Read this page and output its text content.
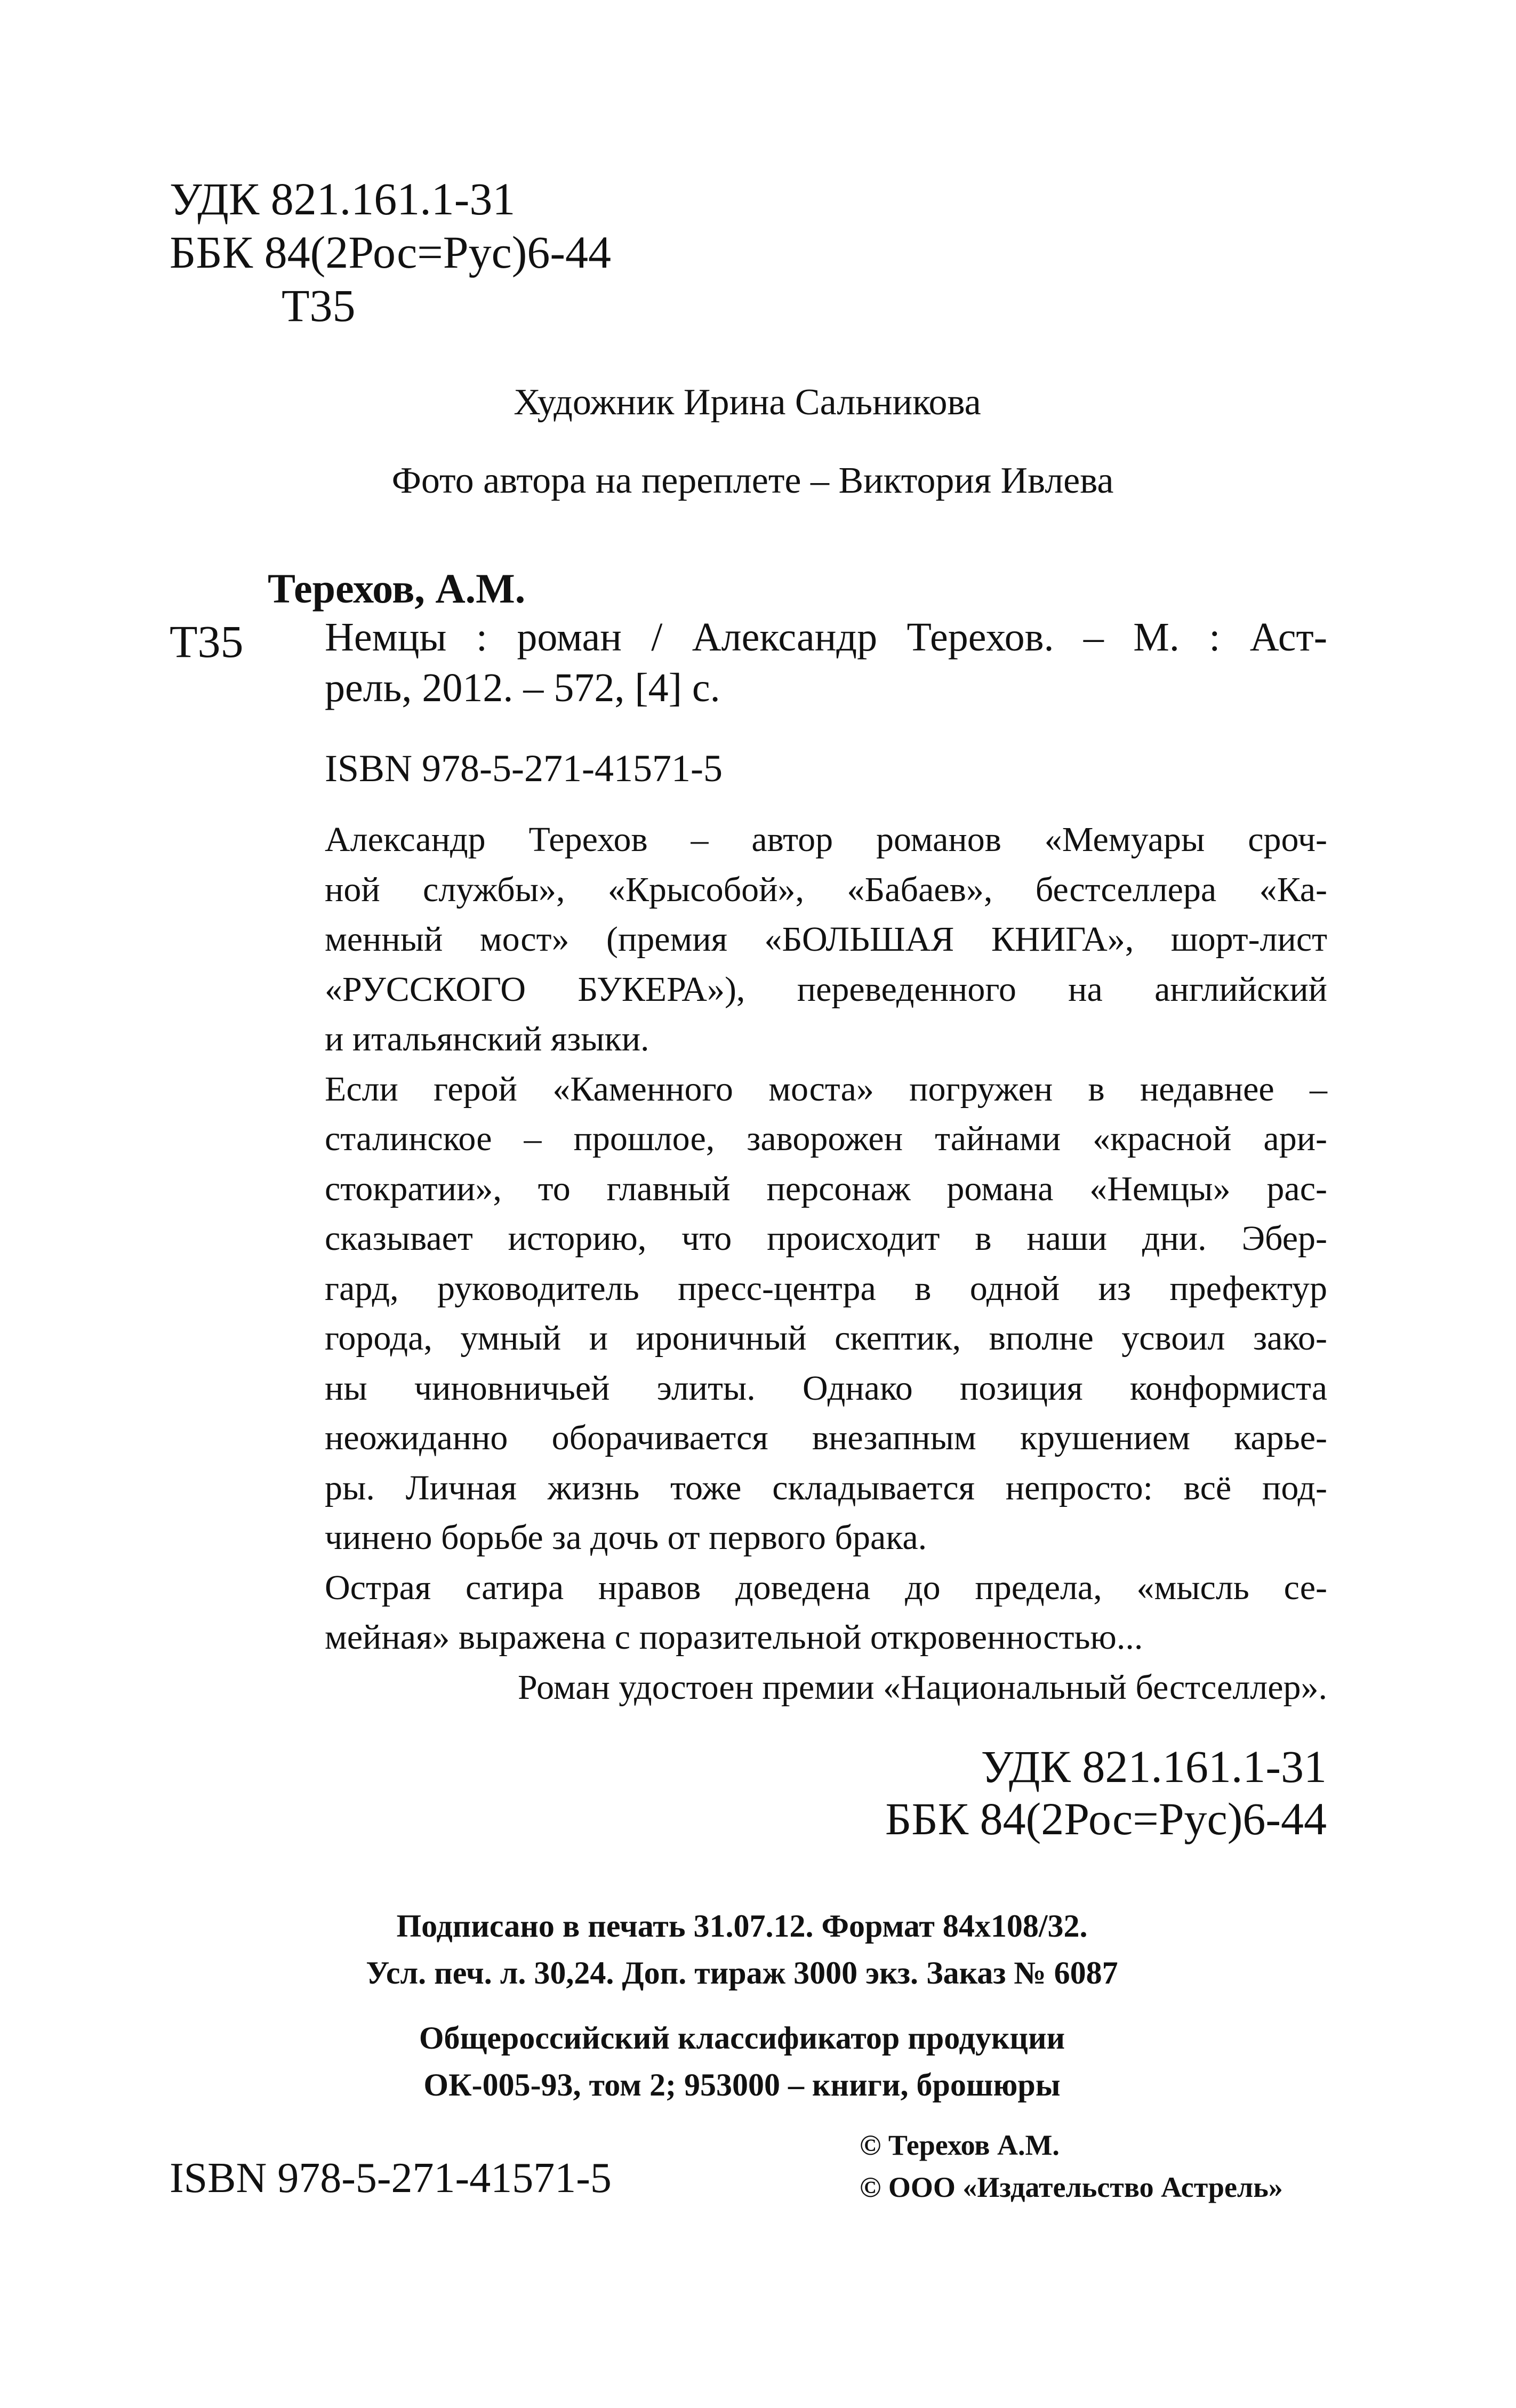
УДК 821.161.1-31
ББК 84(2Рос=Рус)6-44
Т35
Художник Ирина Сальникова
Фото автора на переплете – Виктория Ивлева
Терехов, А.М.
Т35 Немцы : роман / Александр Терехов. – М. : Аст-
рель, 2012. – 572, [4] с.
ISBN 978-5-271-41571-5
Александр Терехов – автор романов «Мемуары сроч-
ной службы», «Крысобой», «Бабаев», бестселлера «Ка-
менный мост» (премия «БОЛЬШАЯ КНИГА», шорт-лист
«РУССКОГО БУКЕРА»), переведенного на английский
и итальянский языки.
Если герой «Каменного моста» погружен в недавнее –
сталинское – прошлое, заворожен тайнами «красной ари-
стократии», то главный персонаж романа «Немцы» рас-
сказывает историю, что происходит в наши дни. Эбер-
гард, руководитель пресс-центра в одной из префектур
города, умный и ироничный скептик, вполне усвоил зако-
ны чиновничьей элиты. Однако позиция конформиста
неожиданно оборачивается внезапным крушением карье-
ры. Личная жизнь тоже складывается непросто: всё под-
чинено борьбе за дочь от первого брака.
Острая сатира нравов доведена до предела, «мысль се-
мейная» выражена с поразительной откровенностью...
Роман удостоен премии «Национальный бестселлер».
УДК 821.161.1-31
ББК 84(2Рос=Рус)6-44
Подписано в печать 31.07.12. Формат 84x108/32.
Усл. печ. л. 30,24. Доп. тираж 3000 экз. Заказ № 6087
Общероссийский классификатор продукции
ОК-005-93, том 2; 953000 – книги, брошюры
ISBN 978-5-271-41571-5
© Терехов А.М.
© ООО «Издательство Астрель»
